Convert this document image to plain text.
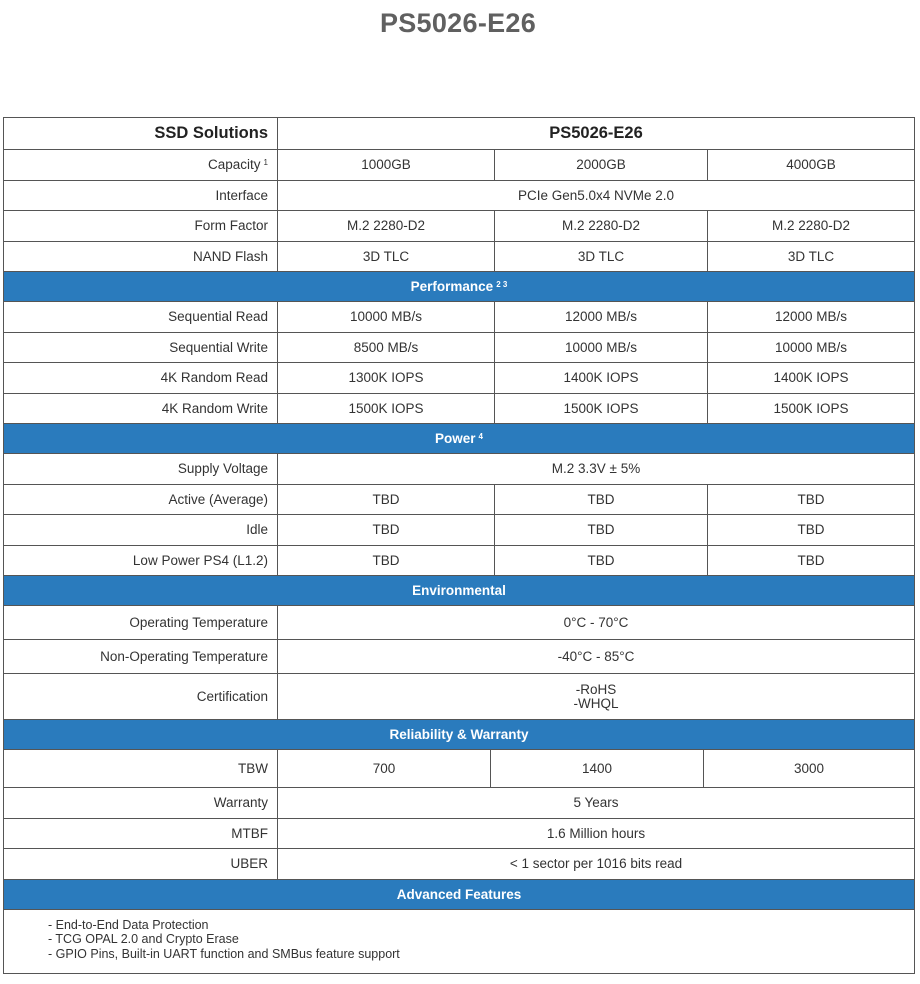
PS5026-E26
SSD Solutions	PS5026-E26
Capacity $^1$	1000GB	2000GB	4000GB
Interface	PCIe Gen5.0x4 NVMe 2.0
Form Factor	M.2 2280-D2	M.2 2280-D2	M.2 2280-D2
NAND Flash	3D TLC	3D TLC	3D TLC
Performance $^{2 3}$
Sequential Read	10000 MB/s	12000 MB/s	12000 MB/s
Sequential Write	8500 MB/s	10000 MB/s	10000 MB/s
4K Random Read	1300K IOPS	1400K IOPS	1400K IOPS
4K Random Write	1500K IOPS	1500K IOPS	1500K IOPS
Power $^4$
Supply Voltage	M.2 3.3V ± 5%
Active (Average)	TBD	TBD	TBD
Idle	TBD	TBD	TBD
Low Power PS4 (L1.2)	TBD	TBD	TBD
Environmental
Operating Temperature	0°C - 70°C
Non-Operating Temperature	-40°C - 85°C
Certification	-RoHS
-WHQL
Reliability & Warranty
TBW	700	1400	3000
Warranty	5 Years
MTBF	1.6 Million hours
UBER	< 1 sector per 1016 bits read
Advanced Features
- End-to-End Data Protection
- TCG OPAL 2.0 and Crypto Erase
- GPIO Pins, Built-in UART function and SMBus feature support
